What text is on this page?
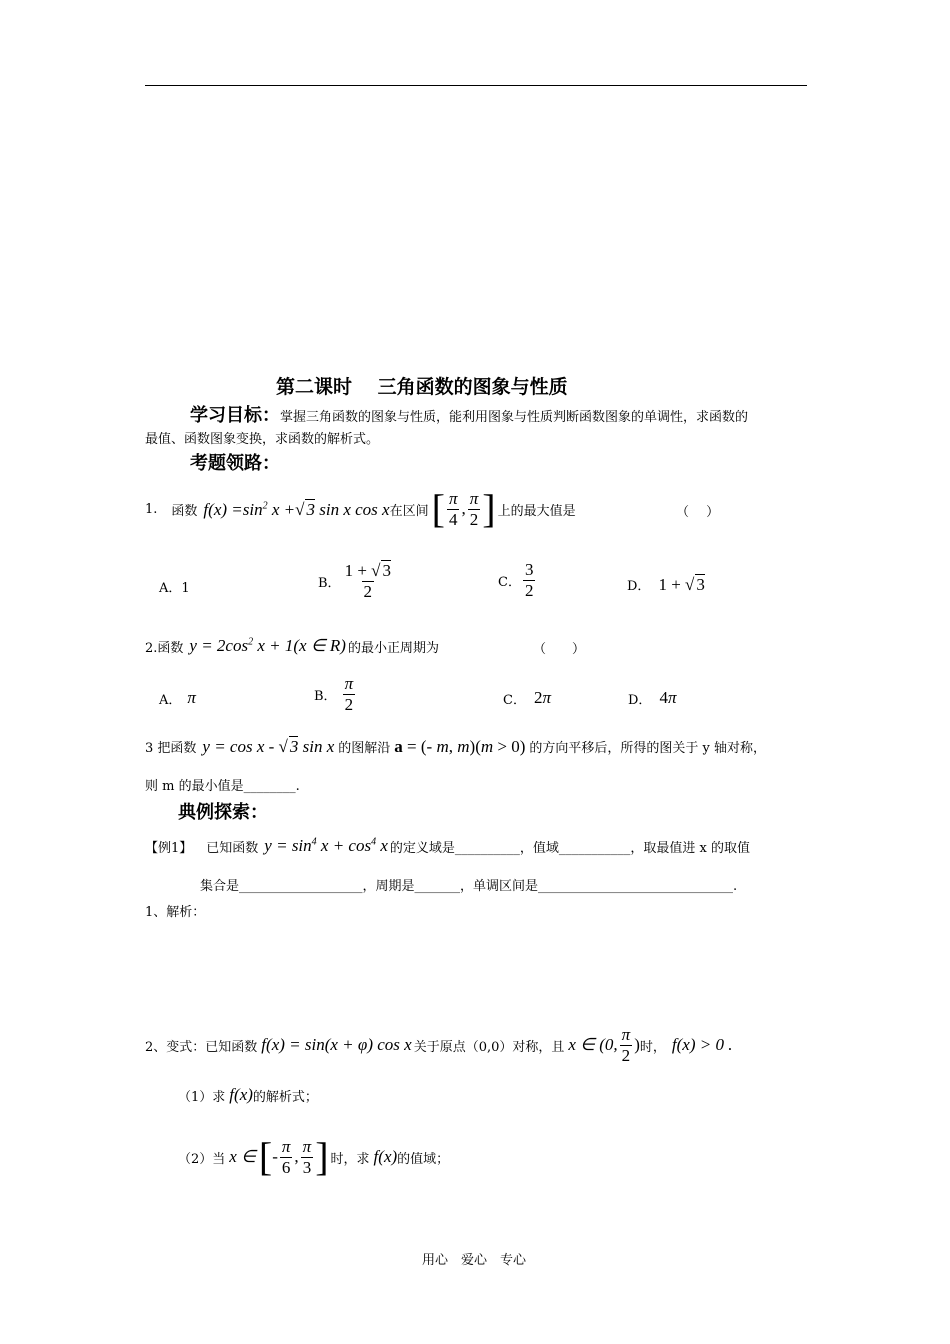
第二课时　 三角函数的图象与性质
学习目标：掌握三角函数的图象与性质，能利用图象与性质判断函数图象的单调性，求函数的
最值、函数图象变换，求函数的解析式。
考题领路：
1. 函数 $f(x) =\sin^2$ x +√ 3 sin x cos x 在区间 [ $\frac{\pi}{4}$ , $\frac{\pi}{2}$ ] 上的最大值是	（　 ）
A．1	B． $\frac{1 + √ 3}{2}$	C． $\frac{3}{2}$	D． 1 + √ 3
2.函数 $y = 2\cos^2$ x + 1(x ∈ R) 的最小正周期为	（　　）
A． π	B． $\frac{\pi}{2}$	C． 2π	D． 4π
3 把函数 y = cos x - √ 3 sin x 的图解沿 a = (- m, m)(m > 0) 的方向平移后，所得的图关于 y 轴对称，
则 m 的最小值是________.
典例探索：
【例1】 已知函数 $y = \sin^4 x + \cos^4 x$ 的定义域是__________，值域___________，取最值进 x 的取值
集合是___________________，周期是_______，单调区间是______________________________.
1、解析：
2、变式：已知函数 f(x) = sin(x + φ) cos x 关于原点（0,0）对称，且 x ∈ (0, $\frac{\pi}{2}$ ) 时， f(x) > 0 .
（1）求 f(x) 的解析式；
（2）当 x ∈ [ - $\frac{\pi}{6}$ , $\frac{\pi}{3}$ ] 时，求 f(x) 的值域；
用心　爱心　专心
